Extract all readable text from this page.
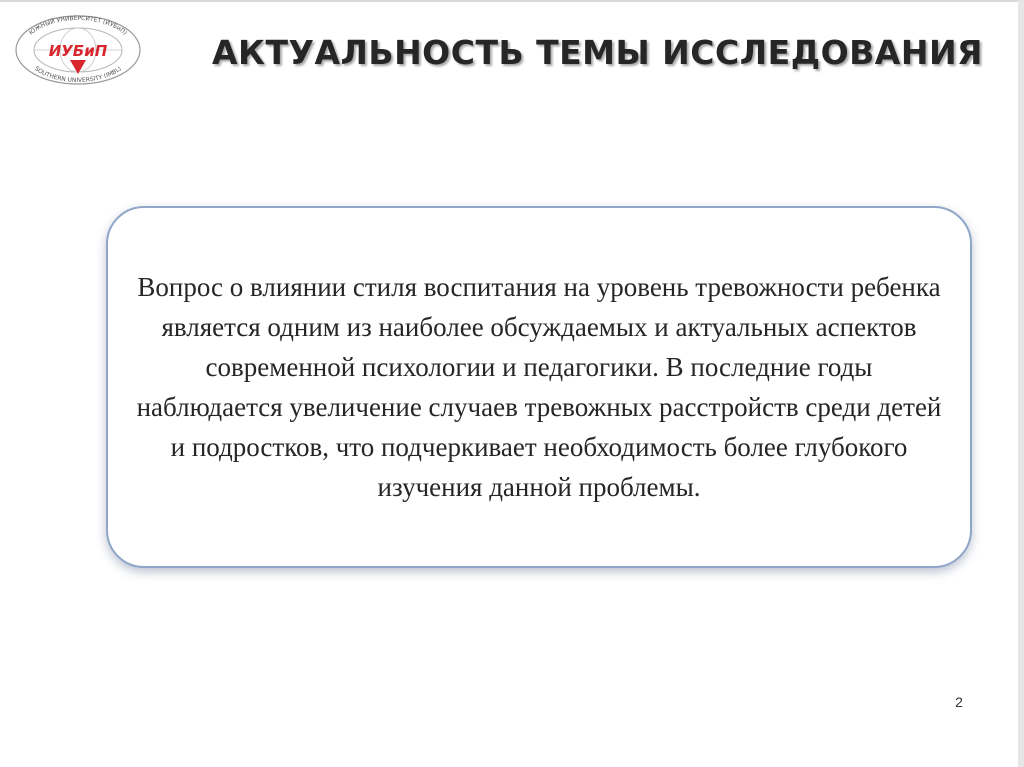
ЮЖНЫЙ УНИВЕРСИТЕТ (ИУБиП)
SOUTHERN UNIVERSITY (IMBL)
ИУБиП	АКТУАЛЬНОСТЬ ТЕМЫ ИССЛЕДОВАНИЯ

Вопрос о влиянии стиля воспитания на уровень тревожности ребенка является одним из наиболее обсуждаемых и актуальных аспектов современной психологии и педагогики. В последние годы наблюдается увеличение случаев тревожных расстройств среди детей и подростков, что подчеркивает необходимость более глубокого изучения данной проблемы.

2
